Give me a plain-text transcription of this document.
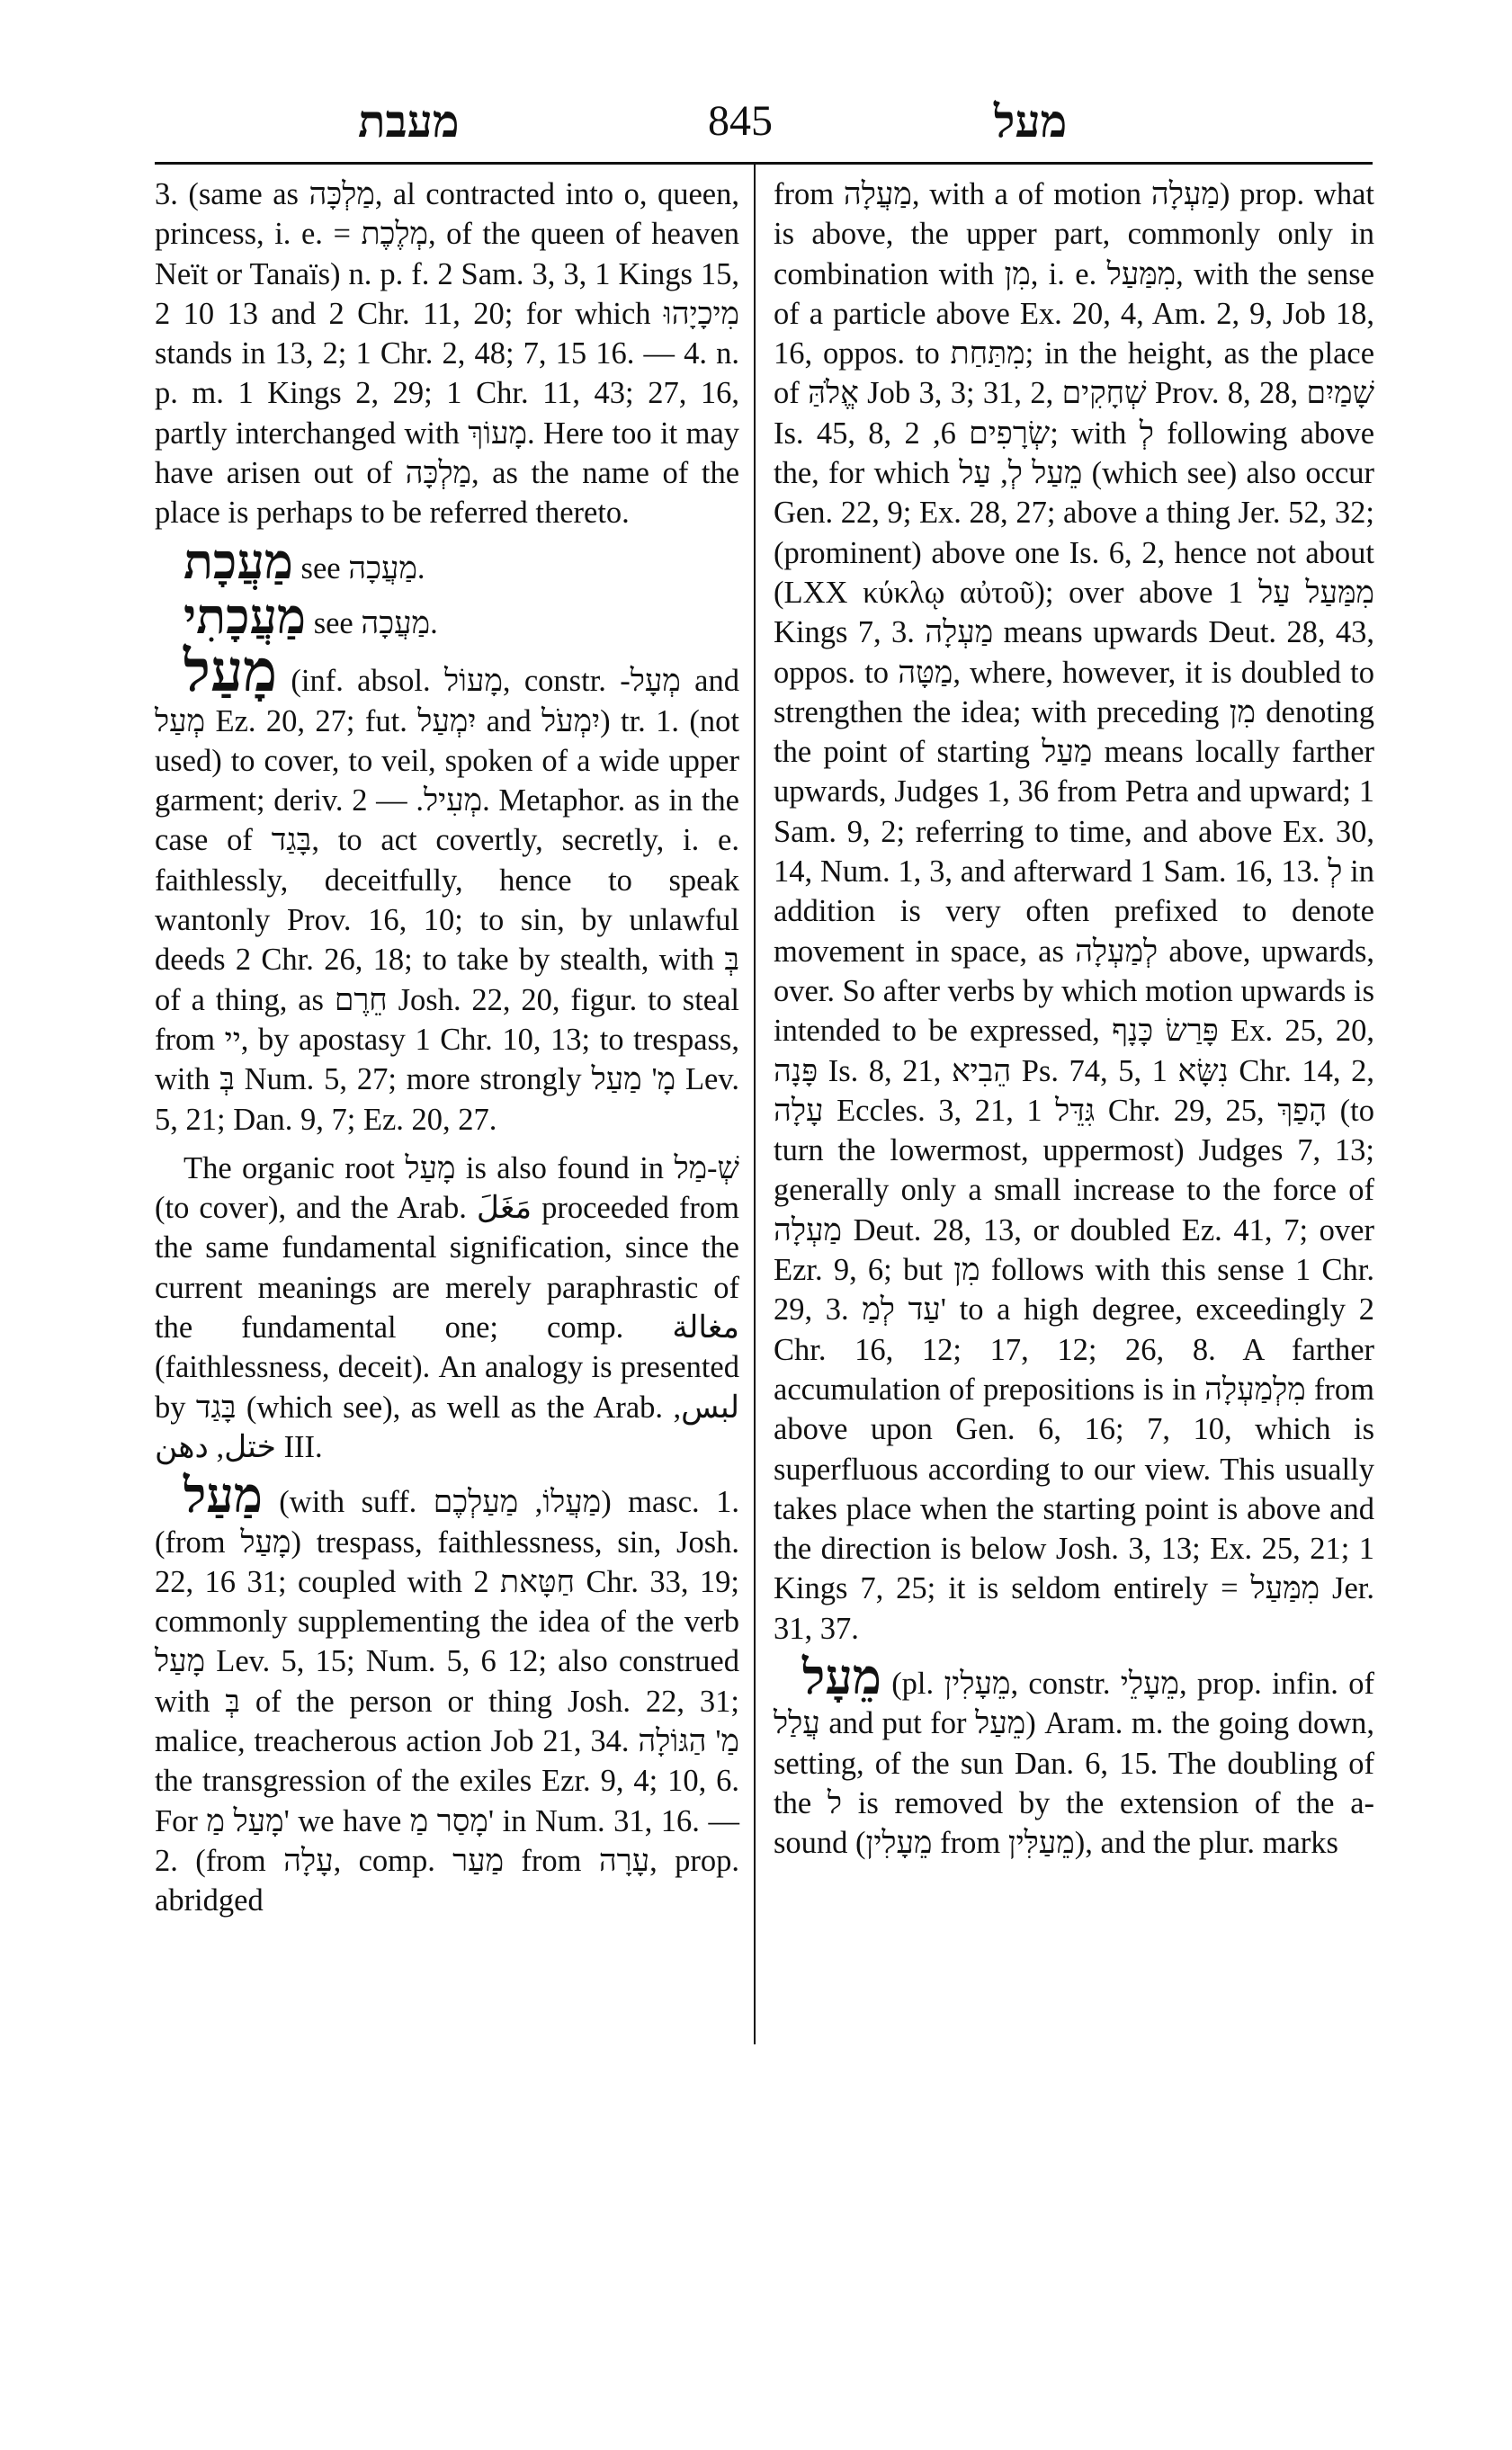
מעבת	845	מעל

3. (same as מַלְכָּה, al contracted into o, queen, princess, i. e. = מְלֶכֶת, of the queen of heaven Neït or Tanaïs) n. p. f. 2 Sam. 3, 3, 1 Kings 15, 2 10 13 and 2 Chr. 11, 20; for which מִיכָיָהוּ stands in 13, 2; 1 Chr. 2, 48; 7, 15 16. — 4. n. p. m. 1 Kings 2, 29; 1 Chr. 11, 43; 27, 16, partly interchanged with מָעוֹךְ. Here too it may have arisen out of מַלְכָּה, as the name of the place is perhaps to be referred thereto.

מַעֲכָת see מַעֲכָה.

מַעֲכָתִי see מַעֲכָה.

מָעַל (inf. absol. מָעוֹל, constr. -מְעָל and מְעַל Ez. 20, 27; fut. יִמְעַל and יִמְעֹל) tr. 1. (not used) to cover, to veil, spoken of a wide upper garment; deriv. מְעִיל. — 2. Metaphor. as in the case of בָּגַד, to act covertly, secretly, i. e. faithlessly, deceitfully, hence to speak wantonly Prov. 16, 10; to sin, by unlawful deeds 2 Chr. 26, 18; to take by stealth, with בְּ of a thing, as חֵרֶם Josh. 22, 20, figur. to steal from יי, by apostasy 1 Chr. 10, 13; to trespass, with בְּ Num. 5, 27; more strongly מָ' מַעַל Lev. 5, 21; Dan. 9, 7; Ez. 20, 27.

The organic root מָעַל is also found in שְׁ-מַל (to cover), and the Arab. مَغَلَ proceeded from the same fundamental signification, since the current meanings are merely paraphrastic of the fundamental one; comp. مغالة (faithlessness, deceit). An analogy is presented by בָּגַד (which see), as well as the Arab. لبس, ختل, دهن III.

מַעַל (with suff. מַעֲלוֹ, מַעַלְכֶם) masc. 1. (from מָעַל) trespass, faithlessness, sin, Josh. 22, 16 31; coupled with חַטָּאת 2 Chr. 33, 19; commonly supplementing the idea of the verb מָעַל Lev. 5, 15; Num. 5, 6 12; also construed with בְּ of the person or thing Josh. 22, 31; malice, treacherous action Job 21, 34. מַ' הַגּוֹלָה the transgression of the exiles Ezr. 9, 4; 10, 6. For מָעַל מַ' we have מָסַר מַ' in Num. 31, 16. — 2. (from עָלָה, comp. מַעַר from עָרָה, prop. abridged

from מַעֲלָה, with a of motion מַעְלָה) prop. what is above, the upper part, commonly only in combination with מִן, i. e. מִמַּעַל, with the sense of a particle above Ex. 20, 4, Am. 2, 9, Job 18, 16, oppos. to מִתַּחַת; in the height, as the place of אֱלֹהַּ Job 3, 3; 31, 2, שְׁחָקִים Prov. 8, 28, שָׁמַיִם Is. 45, 8, שְׂרָפִים 6, 2; with לְ following above the, for which מֵעַל לְ, עַל (which see) also occur Gen. 22, 9; Ex. 28, 27; above a thing Jer. 52, 32; (prominent) above one Is. 6, 2, hence not about (LXX κύκλῳ αὐτοῦ); over above מִמַּעַל עַל 1 Kings 7, 3. מַעְלָה means upwards Deut. 28, 43, oppos. to מַטָּה, where, however, it is doubled to strengthen the idea; with preceding מִן denoting the point of starting מַעַל means locally farther upwards, Judges 1, 36 from Petra and upward; 1 Sam. 9, 2; referring to time, and above Ex. 30, 14, Num. 1, 3, and afterward 1 Sam. 16, 13. לְ in addition is very often prefixed to denote movement in space, as לְמַעְלָה above, upwards, over. So after verbs by which motion upwards is intended to be expressed, פָּרַשׂ כָּנָף Ex. 25, 20, פָּנָה Is. 8, 21, הֵבִיא Ps. 74, 5, נִשָּׂא 1 Chr. 14, 2, עָלָה Eccles. 3, 21, גִּדֵּל 1 Chr. 29, 25, הָפַךְ (to turn the lowermost, uppermost) Judges 7, 13; generally only a small increase to the force of מַעְלָה Deut. 28, 13, or doubled Ez. 41, 7; over Ezr. 9, 6; but מִן follows with this sense 1 Chr. 29, 3. עַד לְמַ' to a high degree, exceedingly 2 Chr. 16, 12; 17, 12; 26, 8. A farther accumulation of prepositions is in מִלְמַעְלָה from above upon Gen. 6, 16; 7, 10, which is superfluous according to our view. This usually takes place when the starting point is above and the direction is below Josh. 3, 13; Ex. 25, 21; 1 Kings 7, 25; it is seldom entirely = מִמַּעַל Jer. 31, 37.

מֵעָל (pl. מֵעָלִין, constr. מֵעָלֵי, prop. infin. of עֲלַל and put for מֵעַל) Aram. m. the going down, setting, of the sun Dan. 6, 15. The doubling of the ל is removed by the extension of the a-sound (מֵעָלִין from מֵעַלִּין), and the plur. marks
